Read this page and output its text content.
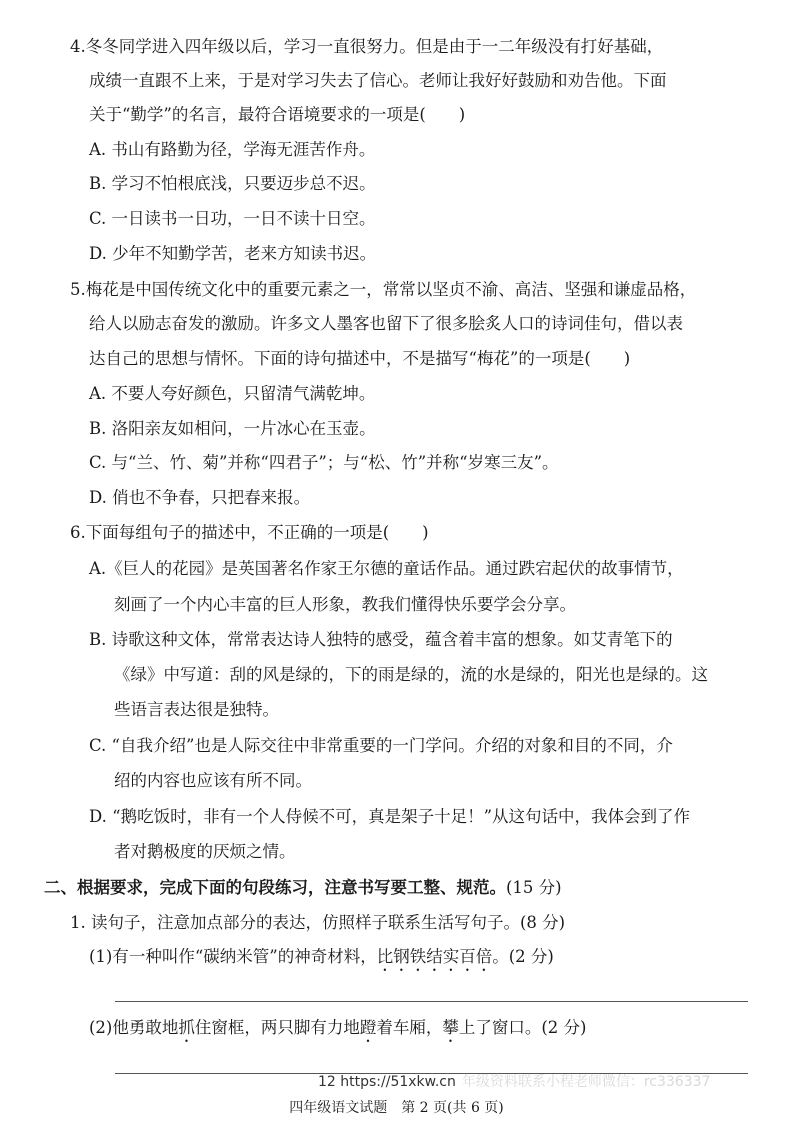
4.冬冬同学进入四年级以后，学习一直很努力。但是由于一二年级没有打好基础，
成绩一直跟不上来，于是对学习失去了信心。老师让我好好鼓励和劝告他。下面
关于“勤学”的名言，最符合语境要求的一项是(　　)
A. 书山有路勤为径，学海无涯苦作舟。
B. 学习不怕根底浅，只要迈步总不迟。
C. 一日读书一日功，一日不读十日空。
D. 少年不知勤学苦，老来方知读书迟。
5.梅花是中国传统文化中的重要元素之一，常常以坚贞不渝、高洁、坚强和谦虚品格，
给人以励志奋发的激励。许多文人墨客也留下了很多脍炙人口的诗词佳句，借以表
达自己的思想与情怀。下面的诗句描述中，不是描写“梅花”的一项是(　　)
A. 不要人夸好颜色，只留清气满乾坤。
B. 洛阳亲友如相问，一片冰心在玉壶。
C. 与“兰、竹、菊”并称“四君子”；与“松、竹”并称“岁寒三友”。
D. 俏也不争春，只把春来报。
6.下面每组句子的描述中，不正确的一项是(　　)
A.《巨人的花园》是英国著名作家王尔德的童话作品。通过跌宕起伏的故事情节，
刻画了一个内心丰富的巨人形象，教我们懂得快乐要学会分享。
B. 诗歌这种文体，常常表达诗人独特的感受，蕴含着丰富的想象。如艾青笔下的
《绿》中写道：刮的风是绿的，下的雨是绿的，流的水是绿的，阳光也是绿的。这
些语言表达很是独特。
C. “自我介绍”也是人际交往中非常重要的一门学问。介绍的对象和目的不同，介
绍的内容也应该有所不同。
D. “鹅吃饭时，非有一个人侍候不可，真是架子十足！”从这句话中，我体会到了作
者对鹅极度的厌烦之情。
二、根据要求，完成下面的句段练习，注意书写要工整、规范。(15 分)
1. 读句子，注意加点部分的表达，仿照样子联系生活写句子。(8 分)
(1)有一种叫作“碳纳米管”的神奇材料，比钢铁结实百倍。(2 分)
(2)他勇敢地抓住窗框，两只脚有力地蹬着车厢，攀上了窗口。(2 分)
12 https://51xkw.cn 年级资料联系小程老师微信：rc336337
四年级语文试题　第 2 页(共 6 页)
